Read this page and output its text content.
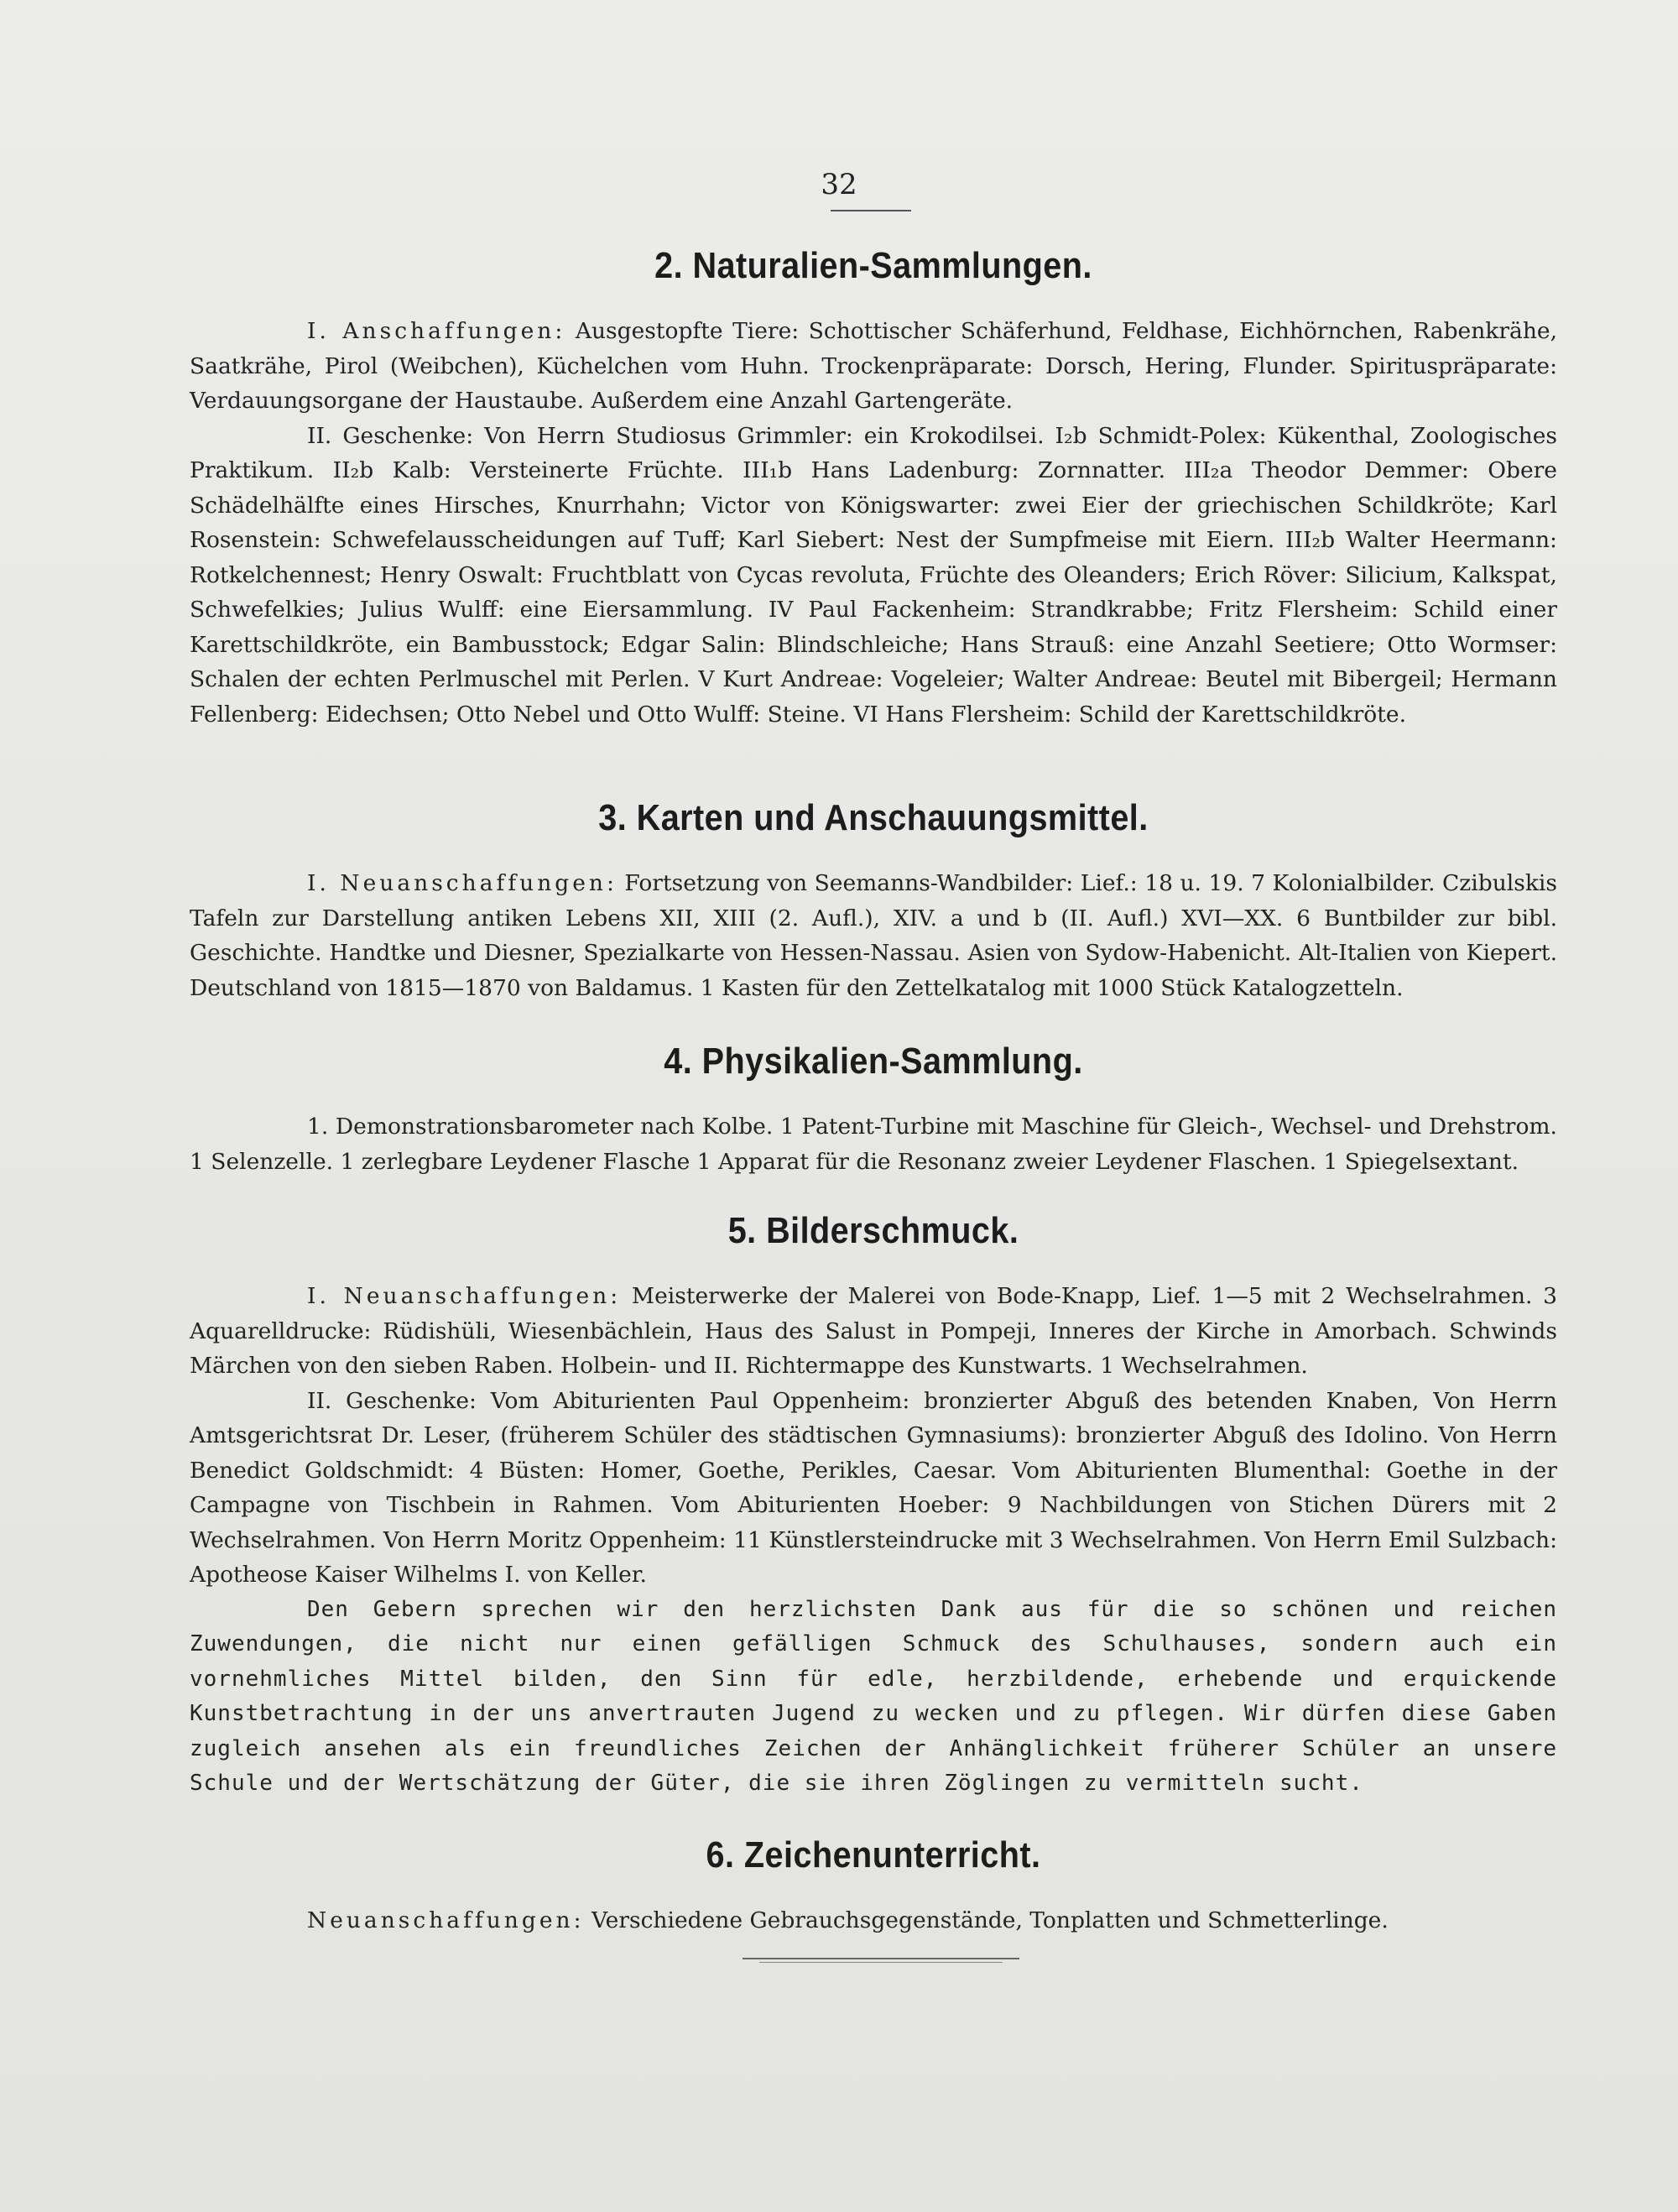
32
2. Naturalien-Sammlungen.

I. Anschaffungen: Ausgestopfte Tiere: Schottischer Schäferhund, Feldhase, Eichhörnchen, Rabenkrähe, Saatkrähe, Pirol (Weibchen), Küchelchen vom Huhn. Trockenpräparate: Dorsch, Hering, Flunder. Spirituspräparate: Verdauungsorgane der Haustaube. Außerdem eine Anzahl Gartengeräte.

II. Geschenke: Von Herrn Studiosus Grimmler: ein Krokodilsei. I₂b Schmidt-Polex: Kükenthal, Zoologisches Praktikum. II₂b Kalb: Versteinerte Früchte. III₁b Hans Ladenburg: Zornnatter. III₂a Theodor Demmer: Obere Schädelhälfte eines Hirsches, Knurrhahn; Victor von Königswarter: zwei Eier der griechischen Schildkröte; Karl Rosenstein: Schwefelausscheidungen auf Tuff; Karl Siebert: Nest der Sumpfmeise mit Eiern. III₂b Walter Heermann: Rotkelchennest; Henry Oswalt: Fruchtblatt von Cycas revoluta, Früchte des Oleanders; Erich Röver: Silicium, Kalkspat, Schwefelkies; Julius Wulff: eine Eiersammlung. IV Paul Fackenheim: Strandkrabbe; Fritz Flersheim: Schild einer Karettschildkröte, ein Bambusstock; Edgar Salin: Blindschleiche; Hans Strauß: eine Anzahl Seetiere; Otto Wormser: Schalen der echten Perlmuschel mit Perlen. V Kurt Andreae: Vogeleier; Walter Andreae: Beutel mit Bibergeil; Hermann Fellenberg: Eidechsen; Otto Nebel und Otto Wulff: Steine. VI Hans Flersheim: Schild der Karettschildkröte.

3. Karten und Anschauungsmittel.

I. Neuanschaffungen: Fortsetzung von Seemanns-Wandbilder: Lief.: 18 u. 19. 7 Kolonialbilder. Czibulskis Tafeln zur Darstellung antiken Lebens XII, XIII (2. Aufl.), XIV. a und b (II. Aufl.) XVI—XX. 6 Buntbilder zur bibl. Geschichte. Handtke und Diesner, Spezialkarte von Hessen-Nassau. Asien von Sydow-Habenicht. Alt-Italien von Kiepert. Deutschland von 1815—1870 von Baldamus. 1 Kasten für den Zettelkatalog mit 1000 Stück Katalogzetteln.

4. Physikalien-Sammlung.

1. Demonstrationsbarometer nach Kolbe. 1 Patent-Turbine mit Maschine für Gleich-, Wechsel- und Drehstrom. 1 Selenzelle. 1 zerlegbare Leydener Flasche 1 Apparat für die Resonanz zweier Leydener Flaschen. 1 Spiegelsextant.

5. Bilderschmuck.

I. Neuanschaffungen: Meisterwerke der Malerei von Bode-Knapp, Lief. 1—5 mit 2 Wechselrahmen. 3 Aquarelldrucke: Rüdishüli, Wiesenbächlein, Haus des Salust in Pompeji, Inneres der Kirche in Amorbach. Schwinds Märchen von den sieben Raben. Holbein- und II. Richtermappe des Kunstwarts. 1 Wechselrahmen.

II. Geschenke: Vom Abiturienten Paul Oppenheim: bronzierter Abguß des betenden Knaben, Von Herrn Amtsgerichtsrat Dr. Leser, (früherem Schüler des städtischen Gymnasiums): bronzierter Abguß des Idolino. Von Herrn Benedict Goldschmidt: 4 Büsten: Homer, Goethe, Perikles, Caesar. Vom Abiturienten Blumenthal: Goethe in der Campagne von Tischbein in Rahmen. Vom Abiturienten Hoeber: 9 Nachbildungen von Stichen Dürers mit 2 Wechselrahmen. Von Herrn Moritz Oppenheim: 11 Künstlersteindrucke mit 3 Wechselrahmen. Von Herrn Emil Sulzbach: Apotheose Kaiser Wilhelms I. von Keller.

Den Gebern sprechen wir den herzlichsten Dank aus für die so schönen und reichen Zuwendungen, die nicht nur einen gefälligen Schmuck des Schulhauses, sondern auch ein vornehmliches Mittel bilden, den Sinn für edle, herzbildende, erhebende und erquickende Kunstbetrachtung in der uns anvertrauten Jugend zu wecken und zu pflegen. Wir dürfen diese Gaben zugleich ansehen als ein freundliches Zeichen der Anhänglichkeit früherer Schüler an unsere Schule und der Wertschätzung der Güter, die sie ihren Zöglingen zu vermitteln sucht.

6. Zeichenunterricht.

Neuanschaffungen: Verschiedene Gebrauchsgegenstände, Tonplatten und Schmetterlinge.
